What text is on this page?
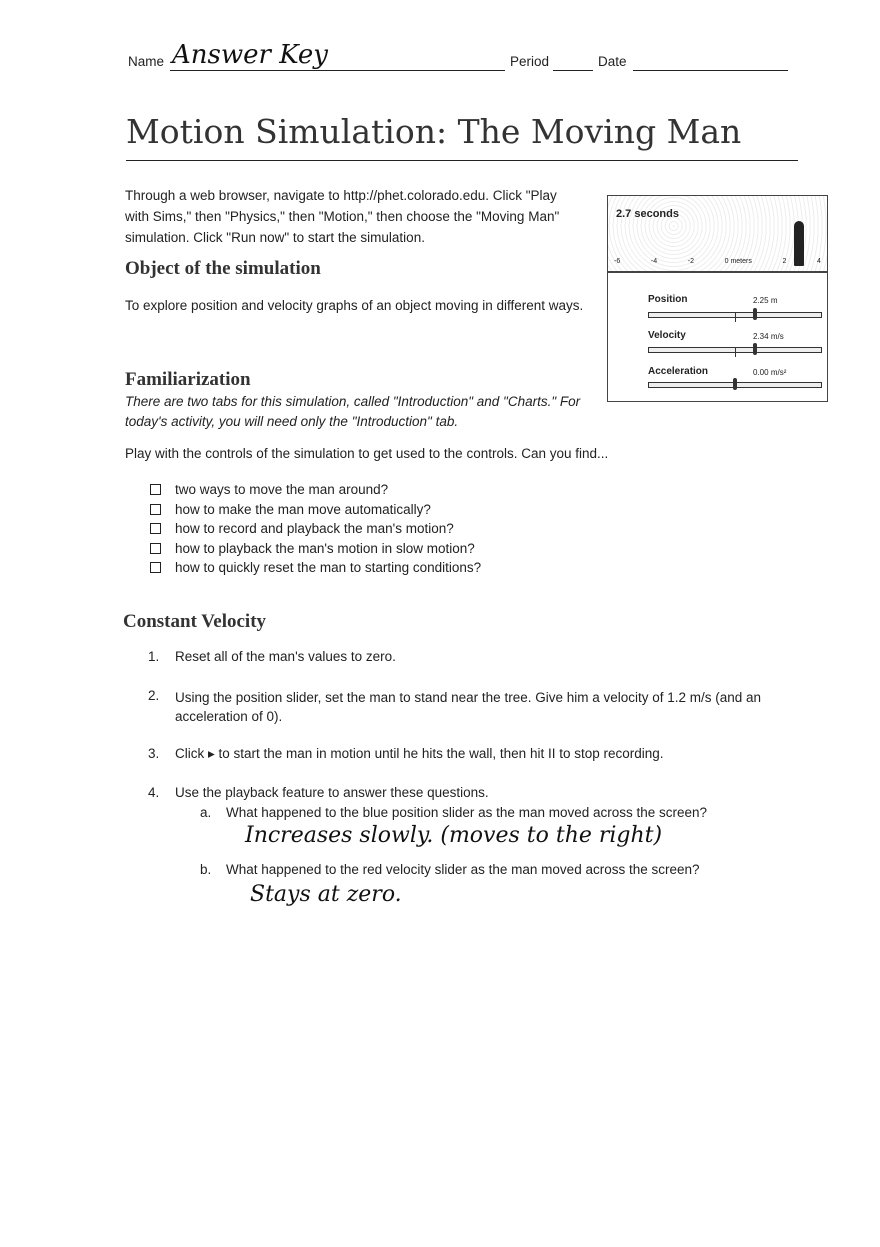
Name Answer Key	Period	Date
Motion Simulation: The Moving Man
Through a web browser, navigate to http://phet.colorado.edu. Click "Play with Sims," then "Physics," then "Motion," then choose the "Moving Man" simulation. Click "Run now" to start the simulation.
2.7 seconds
-6	-4	-2	0 meters	2	4
Position	2.25 m
Velocity	2.34 m/s
Acceleration	0.00 m/s²
Object of the simulation
To explore position and velocity graphs of an object moving in different ways.
Familiarization
There are two tabs for this simulation, called "Introduction" and "Charts." For today's activity, you will need only the "Introduction" tab.
Play with the controls of the simulation to get used to the controls. Can you find...
two ways to move the man around?
how to make the man move automatically?
how to record and playback the man's motion?
how to playback the man's motion in slow motion?
how to quickly reset the man to starting conditions?
Constant Velocity
1. Reset all of the man's values to zero.
2. Using the position slider, set the man to stand near the tree. Give him a velocity of 1.2 m/s (and an acceleration of 0).
3. Click ▸ to start the man in motion until he hits the wall, then hit II to stop recording.
4. Use the playback feature to answer these questions.
a. What happened to the blue position slider as the man moved across the screen?
Increases slowly. (moves to the right)
b. What happened to the red velocity slider as the man moved across the screen?
Stays at zero.
